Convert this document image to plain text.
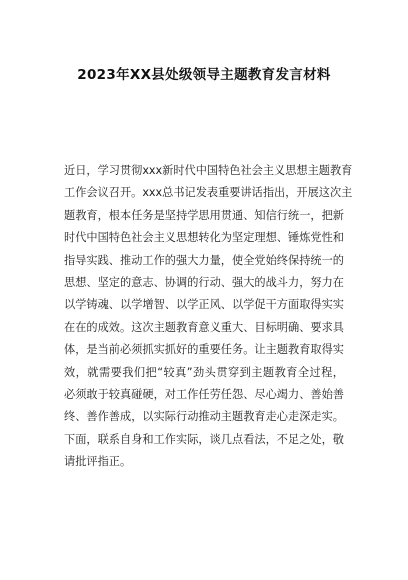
2023年XX县处级领导主题教育发言材料
近日，学习贯彻xxx新时代中国特色社会主义思想主题教育
工作会议召开。xxx总书记发表重要讲话指出，开展这次主
题教育，根本任务是坚持学思用贯通、知信行统一，把新
时代中国特色社会主义思想转化为坚定理想、锤炼党性和
指导实践、推动工作的强大力量，使全党始终保持统一的
思想、坚定的意志、协调的行动、强大的战斗力，努力在
以学铸魂、以学增智、以学正风、以学促干方面取得实实
在在的成效。这次主题教育意义重大、目标明确、要求具
体，是当前必须抓实抓好的重要任务。让主题教育取得实
效，就需要我们把“较真”劲头贯穿到主题教育全过程，
必须敢于较真碰硬，对工作任劳任怨、尽心竭力、善始善
终、善作善成，以实际行动推动主题教育走心走深走实。
下面，联系自身和工作实际，谈几点看法，不足之处，敬
请批评指正。
